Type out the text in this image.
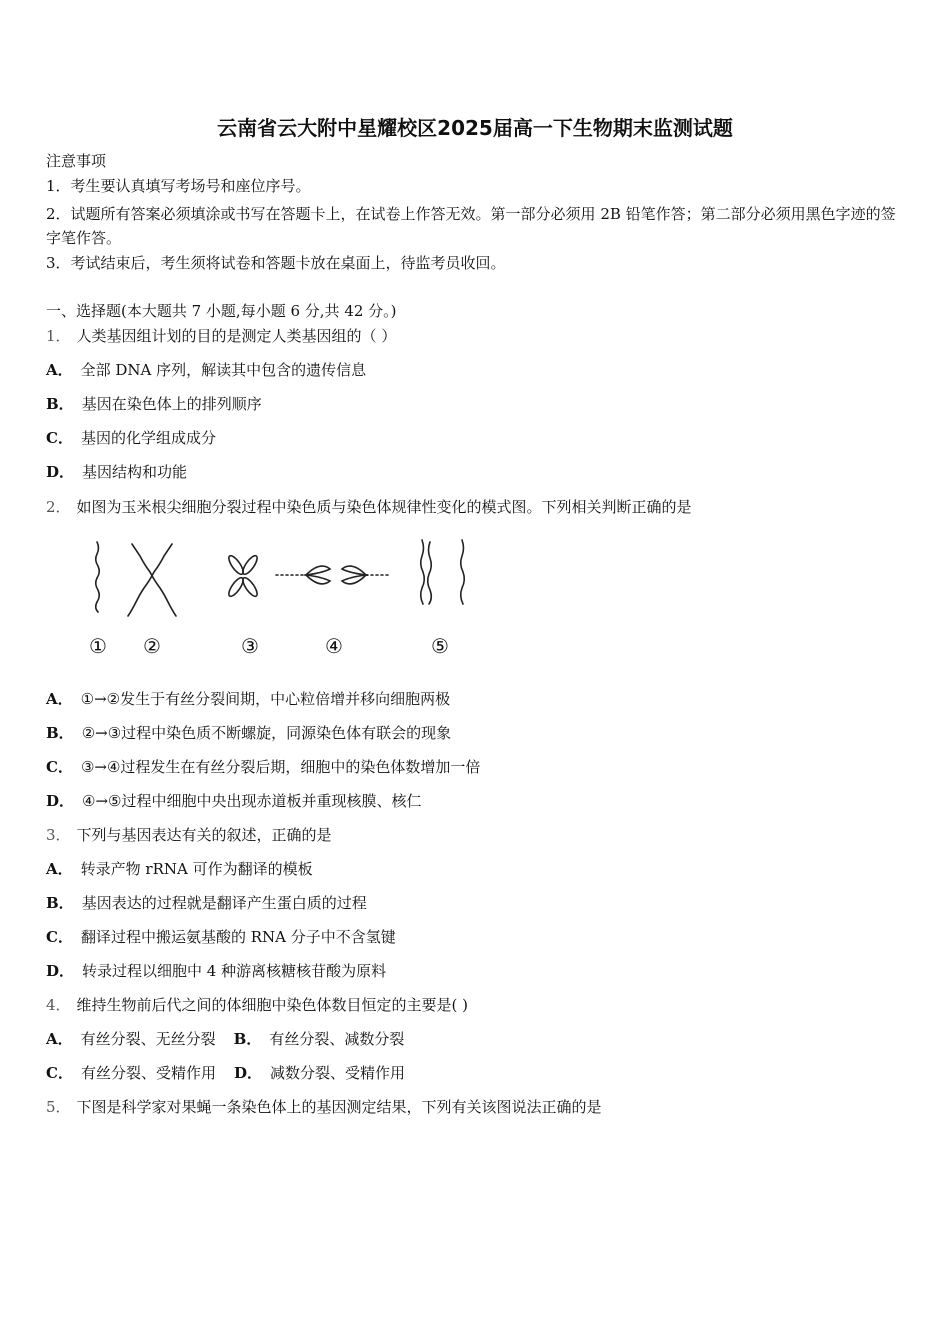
云南省云大附中星耀校区2025届高一下生物期末监测试题
注意事项
1．考生要认真填写考场号和座位序号。
2．试题所有答案必须填涂或书写在答题卡上，在试卷上作答无效。第一部分必须用 2B 铅笔作答；第二部分必须用黑色字迹的签字笔作答。
3．考试结束后，考生须将试卷和答题卡放在桌面上，待监考员收回。
一、选择题(本大题共 7 小题,每小题 6 分,共 42 分。)
1． 人类基因组计划的目的是测定人类基因组的（ ）
A． 全部 DNA 序列，解读其中包含的遗传信息
B． 基因在染色体上的排列顺序
C． 基因的化学组成成分
D． 基因结构和功能
2． 如图为玉米根尖细胞分裂过程中染色质与染色体规律性变化的模式图。下列相关判断正确的是
① ②	③	④	⑤
A． ①→②发生于有丝分裂间期，中心粒倍增并移向细胞两极
B． ②→③过程中染色质不断螺旋，同源染色体有联会的现象
C． ③→④过程发生在有丝分裂后期，细胞中的染色体数增加一倍
D． ④→⑤过程中细胞中央出现赤道板并重现核膜、核仁
3． 下列与基因表达有关的叙述，正确的是
A． 转录产物 rRNA 可作为翻译的模板
B． 基因表达的过程就是翻译产生蛋白质的过程
C． 翻译过程中搬运氨基酸的 RNA 分子中不含氢键
D． 转录过程以细胞中 4 种游离核糖核苷酸为原料
4． 维持生物前后代之间的体细胞中染色体数目恒定的主要是( )
A． 有丝分裂、无丝分裂 B． 有丝分裂、减数分裂
C． 有丝分裂、受精作用 D． 减数分裂、受精作用
5． 下图是科学家对果蝇一条染色体上的基因测定结果，下列有关该图说法正确的是
